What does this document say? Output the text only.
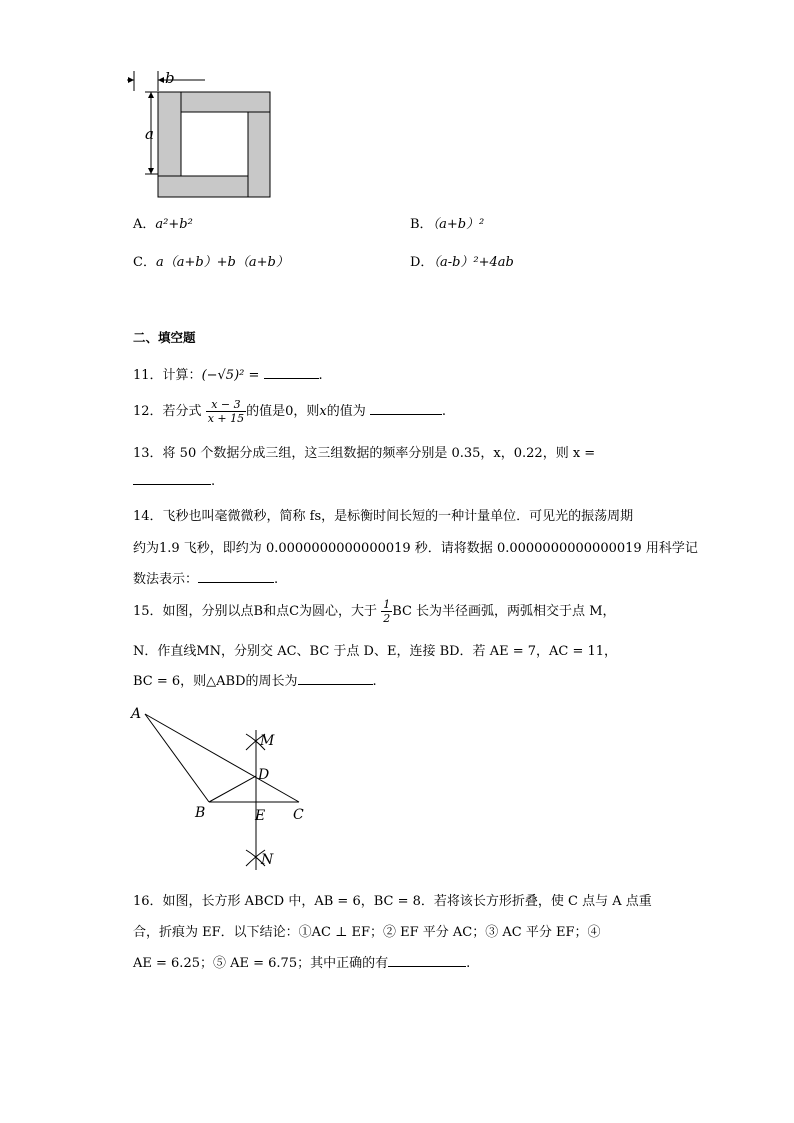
b
a
A．a²+b²	B．（a+b）²
C．a（a+b）+b（a+b）	D．（a-b）²+4ab
二、填空题
11．计算：(−√5)² =	.
12．若分式 $\frac{x - 3}{x + 15}$ 的值是0，则x的值为	.
13．将 50 个数据分成三组，这三组数据的频率分别是 0.35，x，0.22，则 x =
.
14．飞秒也叫毫微微秒，简称 fs，是标衡时间长短的一种计量单位．可见光的振荡周期
约为1.9 飞秒，即约为 0.0000000000000019 秒．请将数据 0.0000000000000019 用科学记
数法表示：	.
15．如图，分别以点B和点C为圆心，大于 $\frac{1}{2}$ BC 长为半径画弧，两弧相交于点 M，
N．作直线MN，分别交 AC、BC 于点 D、E，连接 BD．若 AE = 7，AC = 11，
BC = 6，则△ABD的周长为	.
A
B	C
D
E
M
N
16．如图，长方形 ABCD 中，AB = 6，BC = 8．若将该长方形折叠，使 C 点与 A 点重
合，折痕为 EF．以下结论：①AC ⊥ EF；② EF 平分 AC；③ AC 平分 EF；④
AE = 6.25；⑤ AE = 6.75；其中正确的有	.
